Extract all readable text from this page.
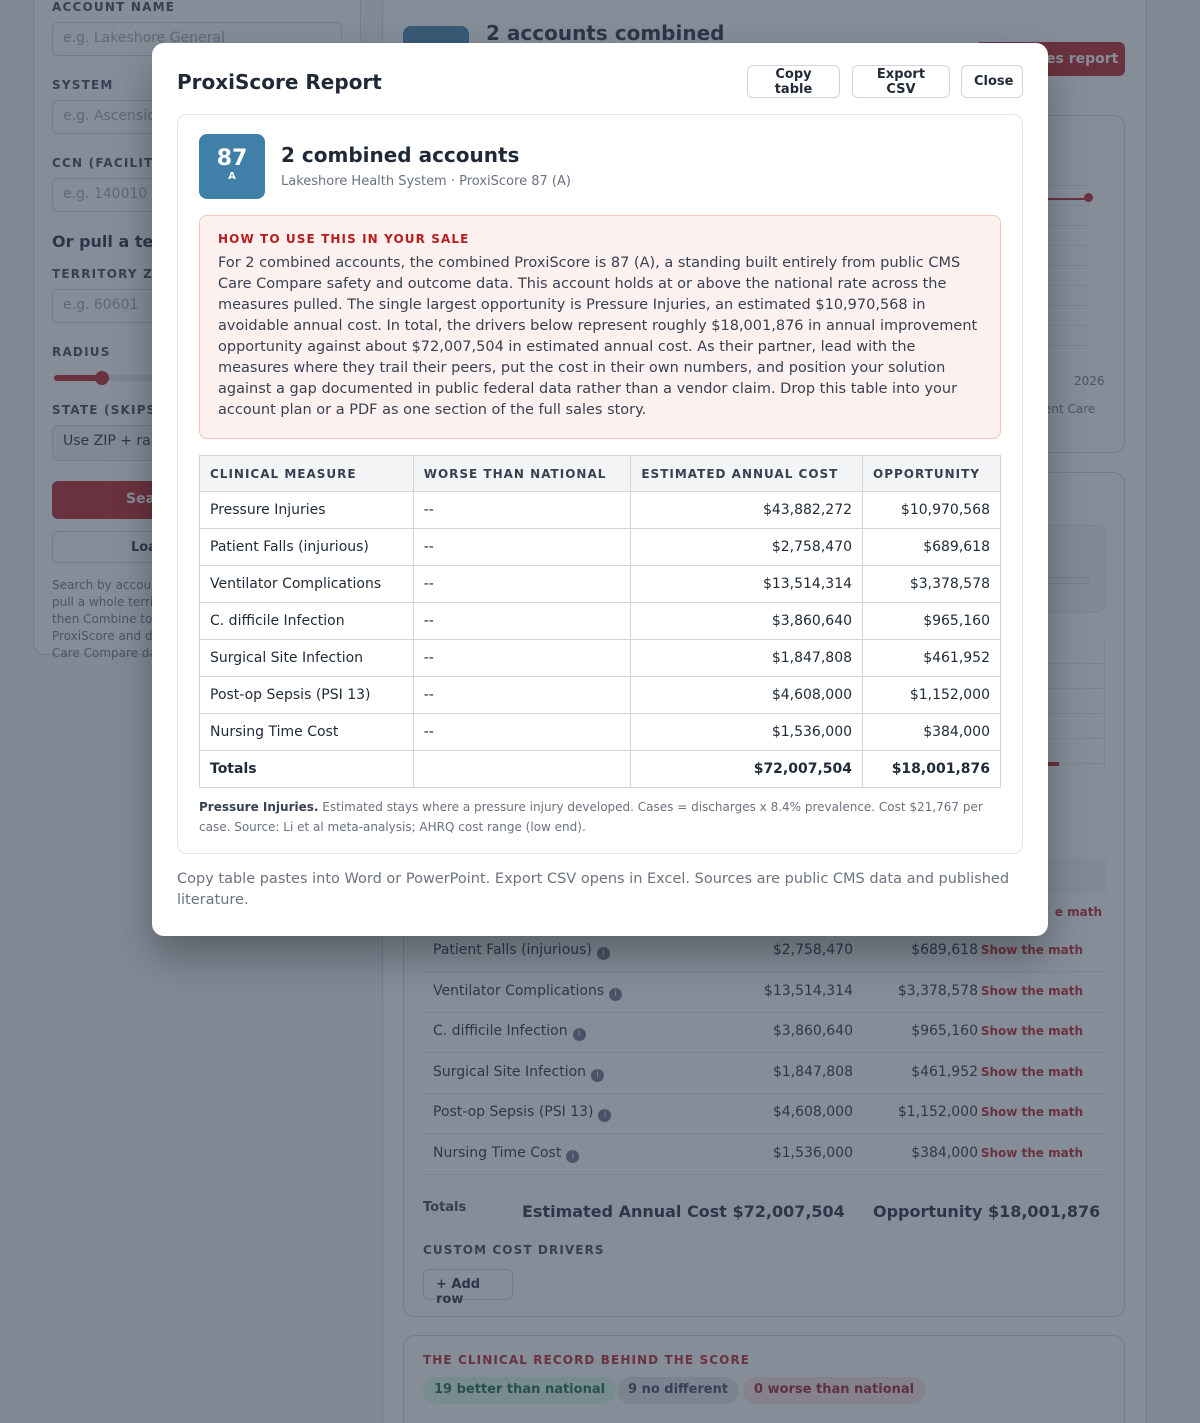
ProxiScore Report	Copy table
Export CSV	Close
87
A
2 combined accounts
Lakeshore Health System · ProxiScore 87 (A)
HOW TO USE THIS IN YOUR SALE
For 2 combined accounts, the combined ProxiScore is 87 (A), a standing built entirely from public CMS Care Compare safety and outcome data. This account holds at or above the national rate across the measures pulled. The single largest opportunity is Pressure Injuries, an estimated $10,970,568 in avoidable annual cost. In total, the drivers below represent roughly $18,001,876 in annual improvement opportunity against about $72,007,504 in estimated annual cost. As their partner, lead with the measures where they trail their peers, put the cost in their own numbers, and position your solution against a gap documented in public federal data rather than a vendor claim. Drop this table into your account plan or a PDF as one section of the full sales story.
CLINICAL MEASURE	WORSE THAN NATIONAL	ESTIMATED ANNUAL COST	OPPORTUNITY
Pressure Injuries	--	$43,882,272	$10,970,568
Patient Falls (injurious)	--	$2,758,470	$689,618
Ventilator Complications	--	$13,514,314	$3,378,578
C. difficile Infection	--	$3,860,640	$965,160
Surgical Site Infection	--	$1,847,808	$461,952
Post-op Sepsis (PSI 13)	--	$4,608,000	$1,152,000
Nursing Time Cost	--	$1,536,000	$384,000
Totals		$72,007,504	$18,001,876
Pressure Injuries. Estimated stays where a pressure injury developed. Cases = discharges x 8.4% prevalence. Cost $21,767 per case. Source: Li et al meta-analysis; AHRQ cost range (low end).
Copy table pastes into Word or PowerPoint. Export CSV opens in Excel. Sources are public CMS data and published literature.
